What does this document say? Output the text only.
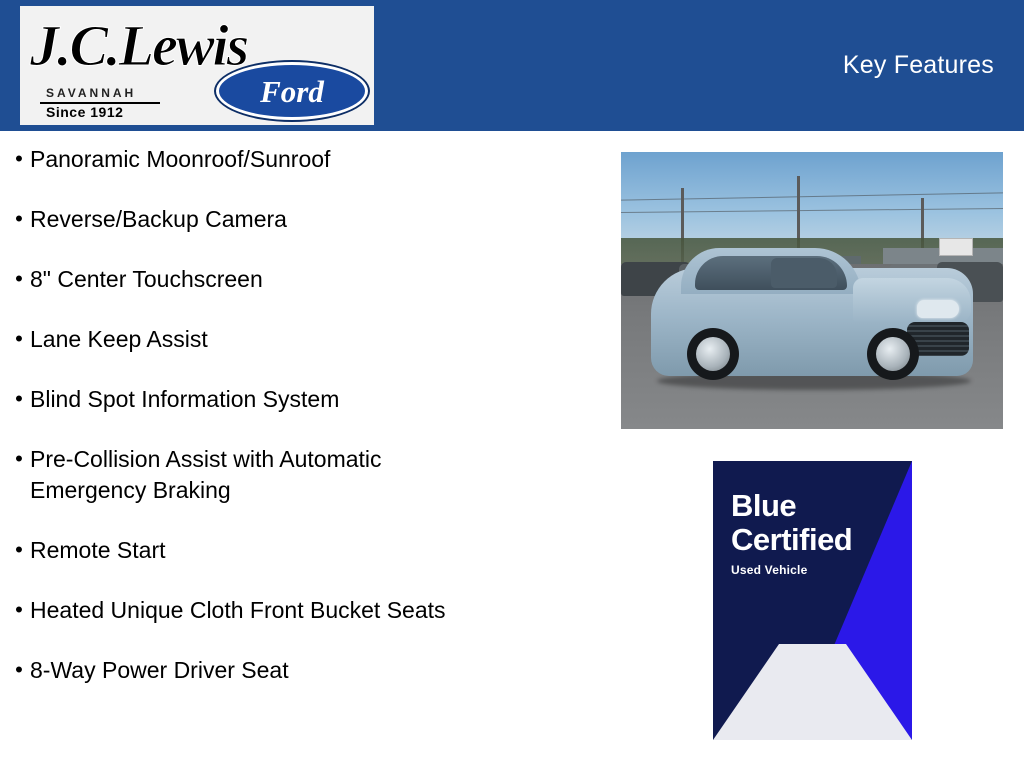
Key Features
J.C.Lewis
SAVANNAH
Since 1912
Ford
• Panoramic Moonroof/Sunroof
• Reverse/Backup Camera
• 8" Center Touchscreen
• Lane Keep Assist
• Blind Spot Information System
• Pre-Collision Assist with Automatic Emergency Braking
• Remote Start
• Heated Unique Cloth Front Bucket Seats
• 8-Way Power Driver Seat
Blue
Certified
Used Vehicle
